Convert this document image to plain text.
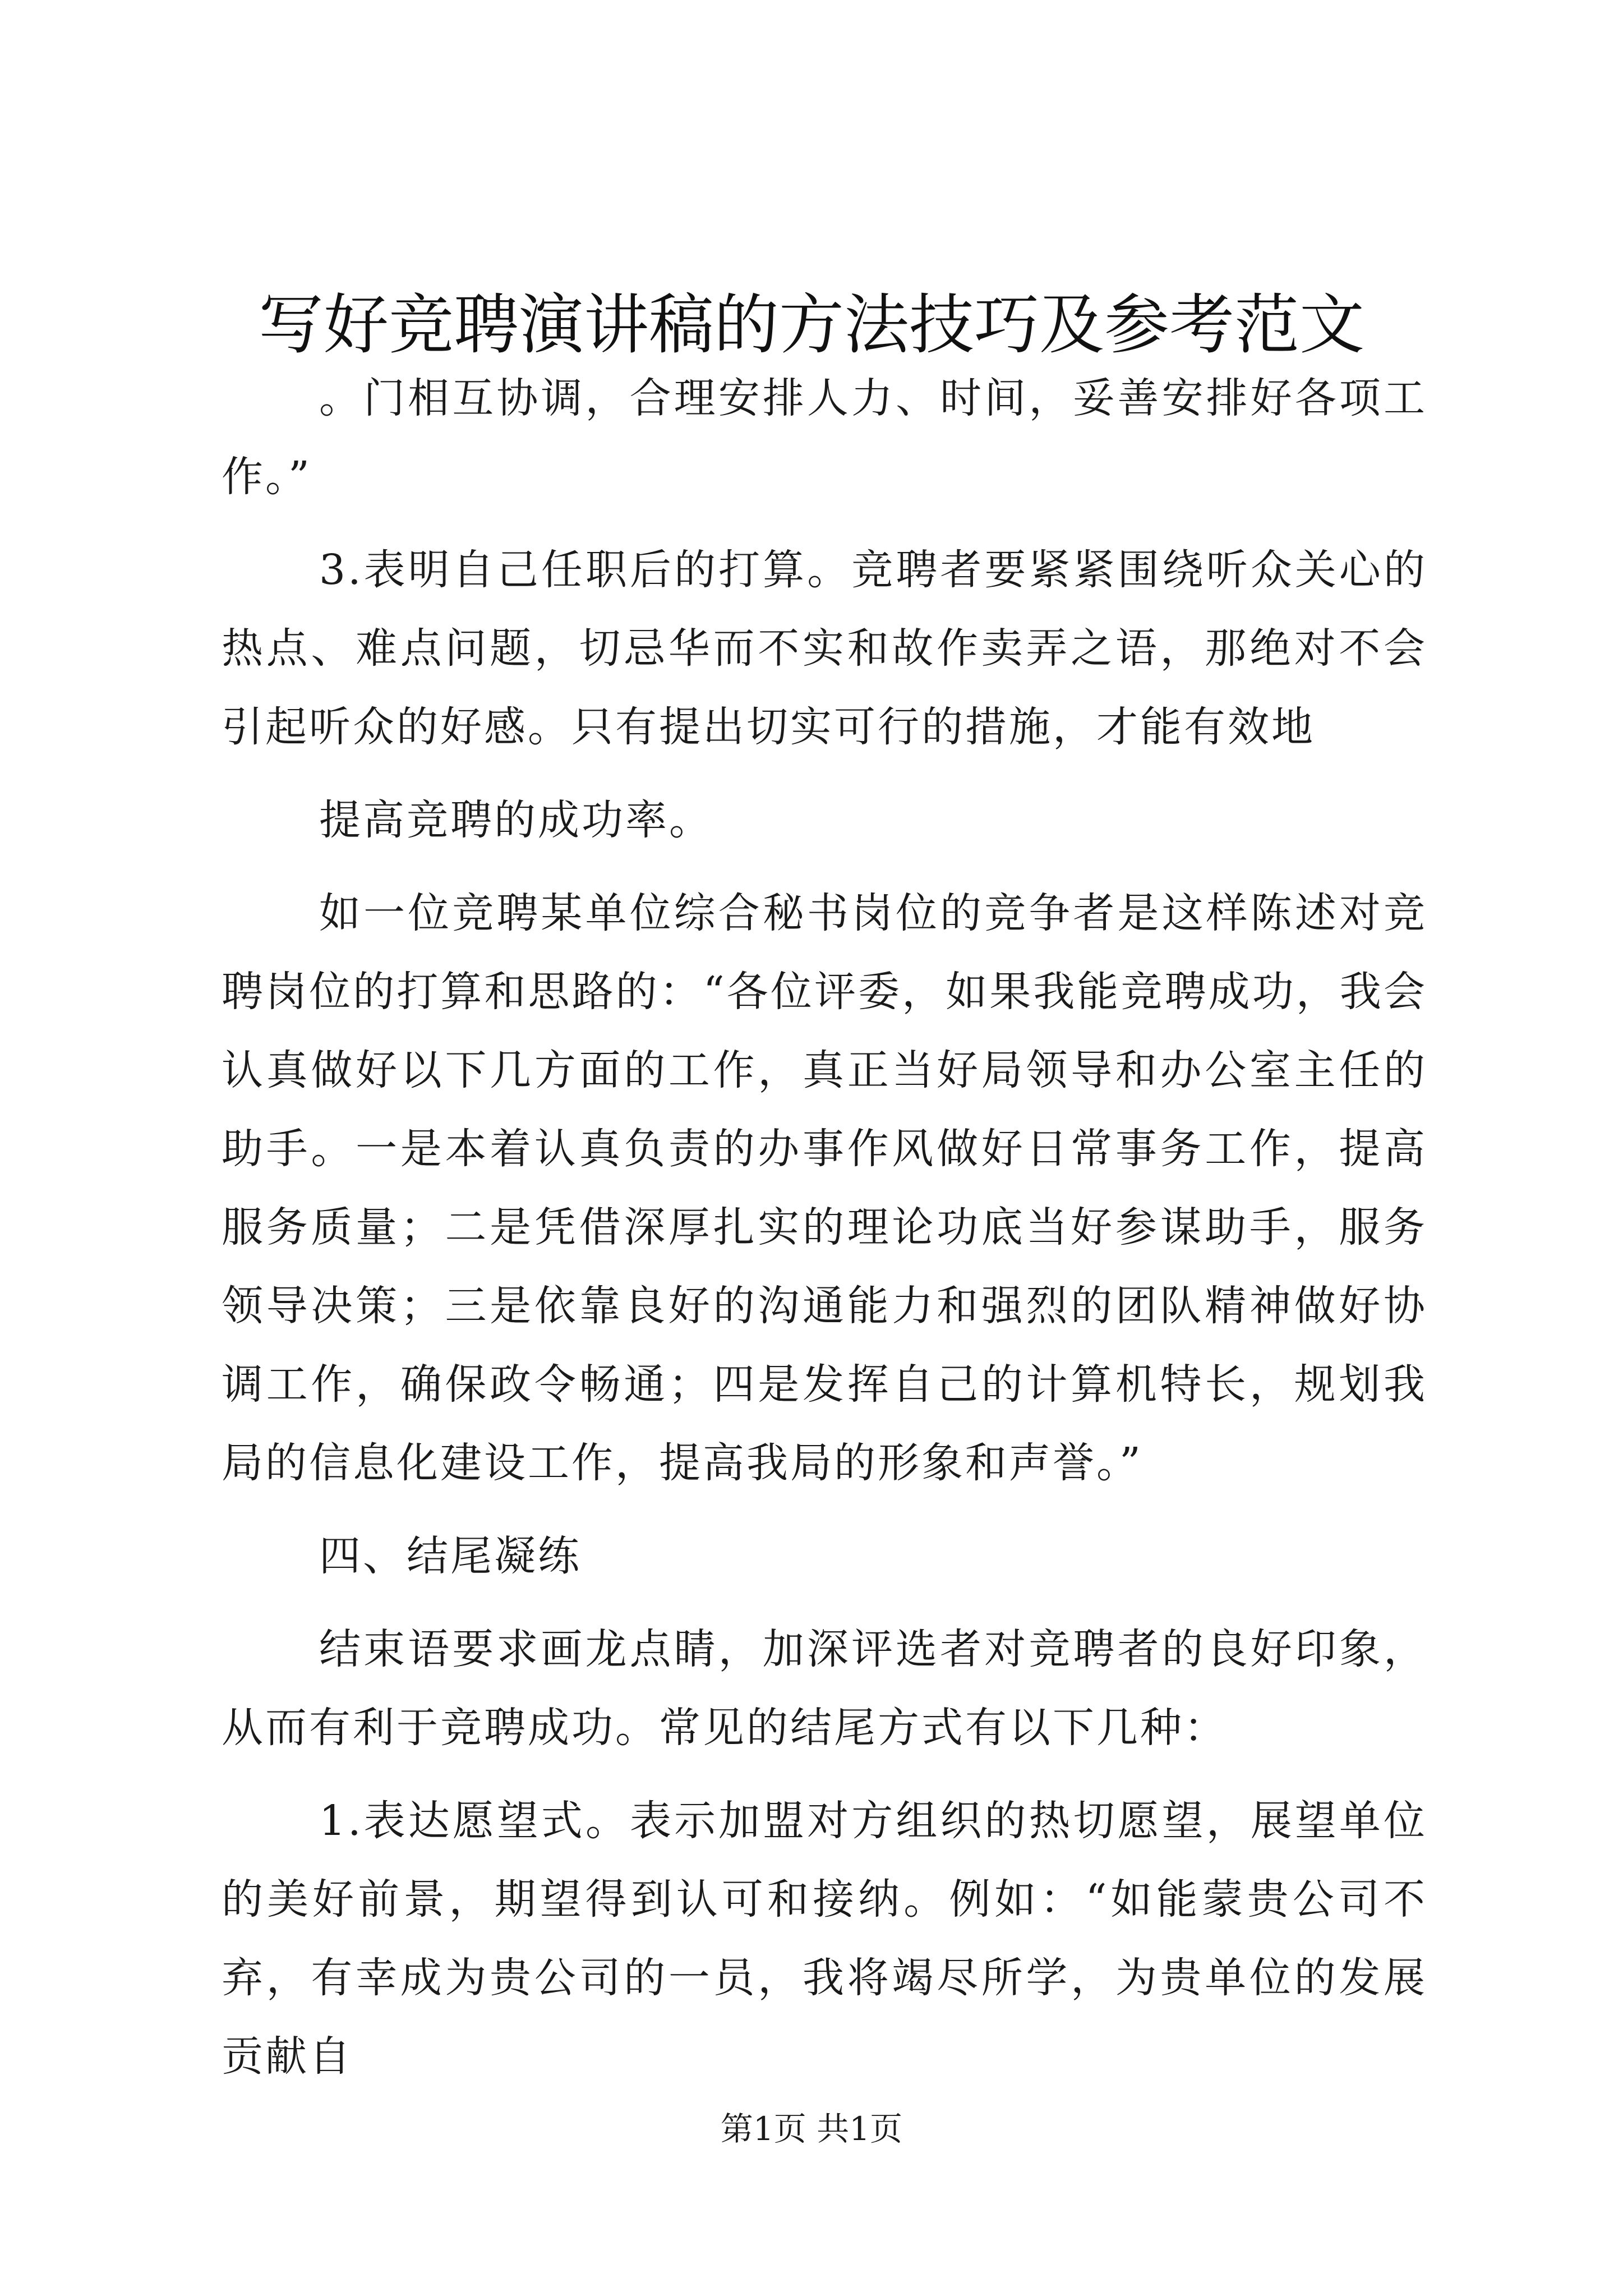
写好竞聘演讲稿的方法技巧及参考范文

。门相互协调，合理安排人力、时间，妥善安排好各项工作。”

3.表明自己任职后的打算。竞聘者要紧紧围绕听众关心的热点、难点问题，切忌华而不实和故作卖弄之语，那绝对不会引起听众的好感。只有提出切实可行的措施，才能有效地

提高竞聘的成功率。

如一位竞聘某单位综合秘书岗位的竞争者是这样陈述对竞聘岗位的打算和思路的：“各位评委，如果我能竞聘成功，我会认真做好以下几方面的工作，真正当好局领导和办公室主任的助手。一是本着认真负责的办事作风做好日常事务工作，提高服务质量；二是凭借深厚扎实的理论功底当好参谋助手，服务领导决策；三是依靠良好的沟通能力和强烈的团队精神做好协调工作，确保政令畅通；四是发挥自己的计算机特长，规划我局的信息化建设工作，提高我局的形象和声誉。”

四、结尾凝练

结束语要求画龙点睛，加深评选者对竞聘者的良好印象，从而有利于竞聘成功。常见的结尾方式有以下几种：

1.表达愿望式。表示加盟对方组织的热切愿望，展望单位的美好前景，期望得到认可和接纳。例如：“如能蒙贵公司不弃，有幸成为贵公司的一员，我将竭尽所学，为贵单位的发展贡献自

第1页 共1页
